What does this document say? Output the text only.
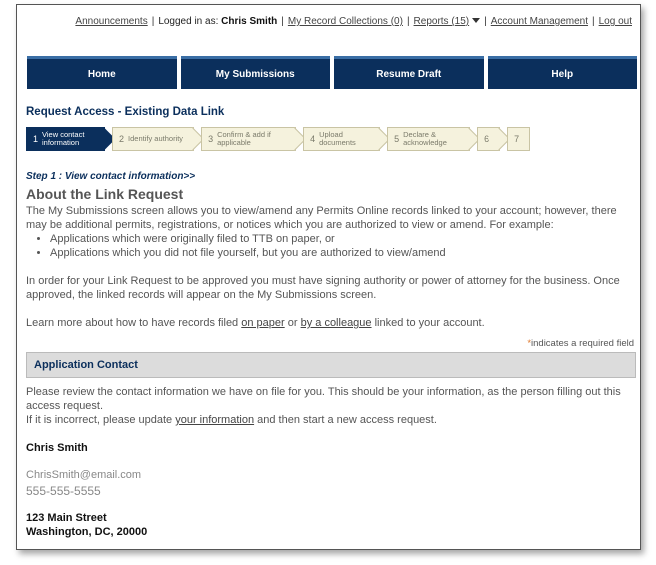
Announcements | Logged in as: Chris Smith | My Record Collections (0) | Reports (15) | Account Management | Log out
Home	My Submissions	Resume Draft	Help
Request Access - Existing Data Link
1 View contact information	2 Identify authority	3 Confirm & add if applicable	4 Upload documents	5 Declare & acknowledge	6	7
Step 1 : View contact information>>
About the Link Request

The My Submissions screen allows you to view/amend any Permits Online records linked to your account; however, there may be additional permits, registrations, or notices which you are authorized to view or amend. For example:

• Applications which were originally filed to TTB on paper, or
• Applications which you did not file yourself, but you are authorized to view/amend

In order for your Link Request to be approved you must have signing authority or power of attorney for the business. Once approved, the linked records will appear on the My Submissions screen.

Learn more about how to have records filed on paper or by a colleague linked to your account.

*indicates a required field
Application Contact

Please review the contact information we have on file for you. This should be your information, as the person filling out this access request.

If it is incorrect, please update your information and then start a new access request.

Chris Smith
ChrisSmith@email.com
555-555-5555
123 Main Street
Washington, DC, 20000
